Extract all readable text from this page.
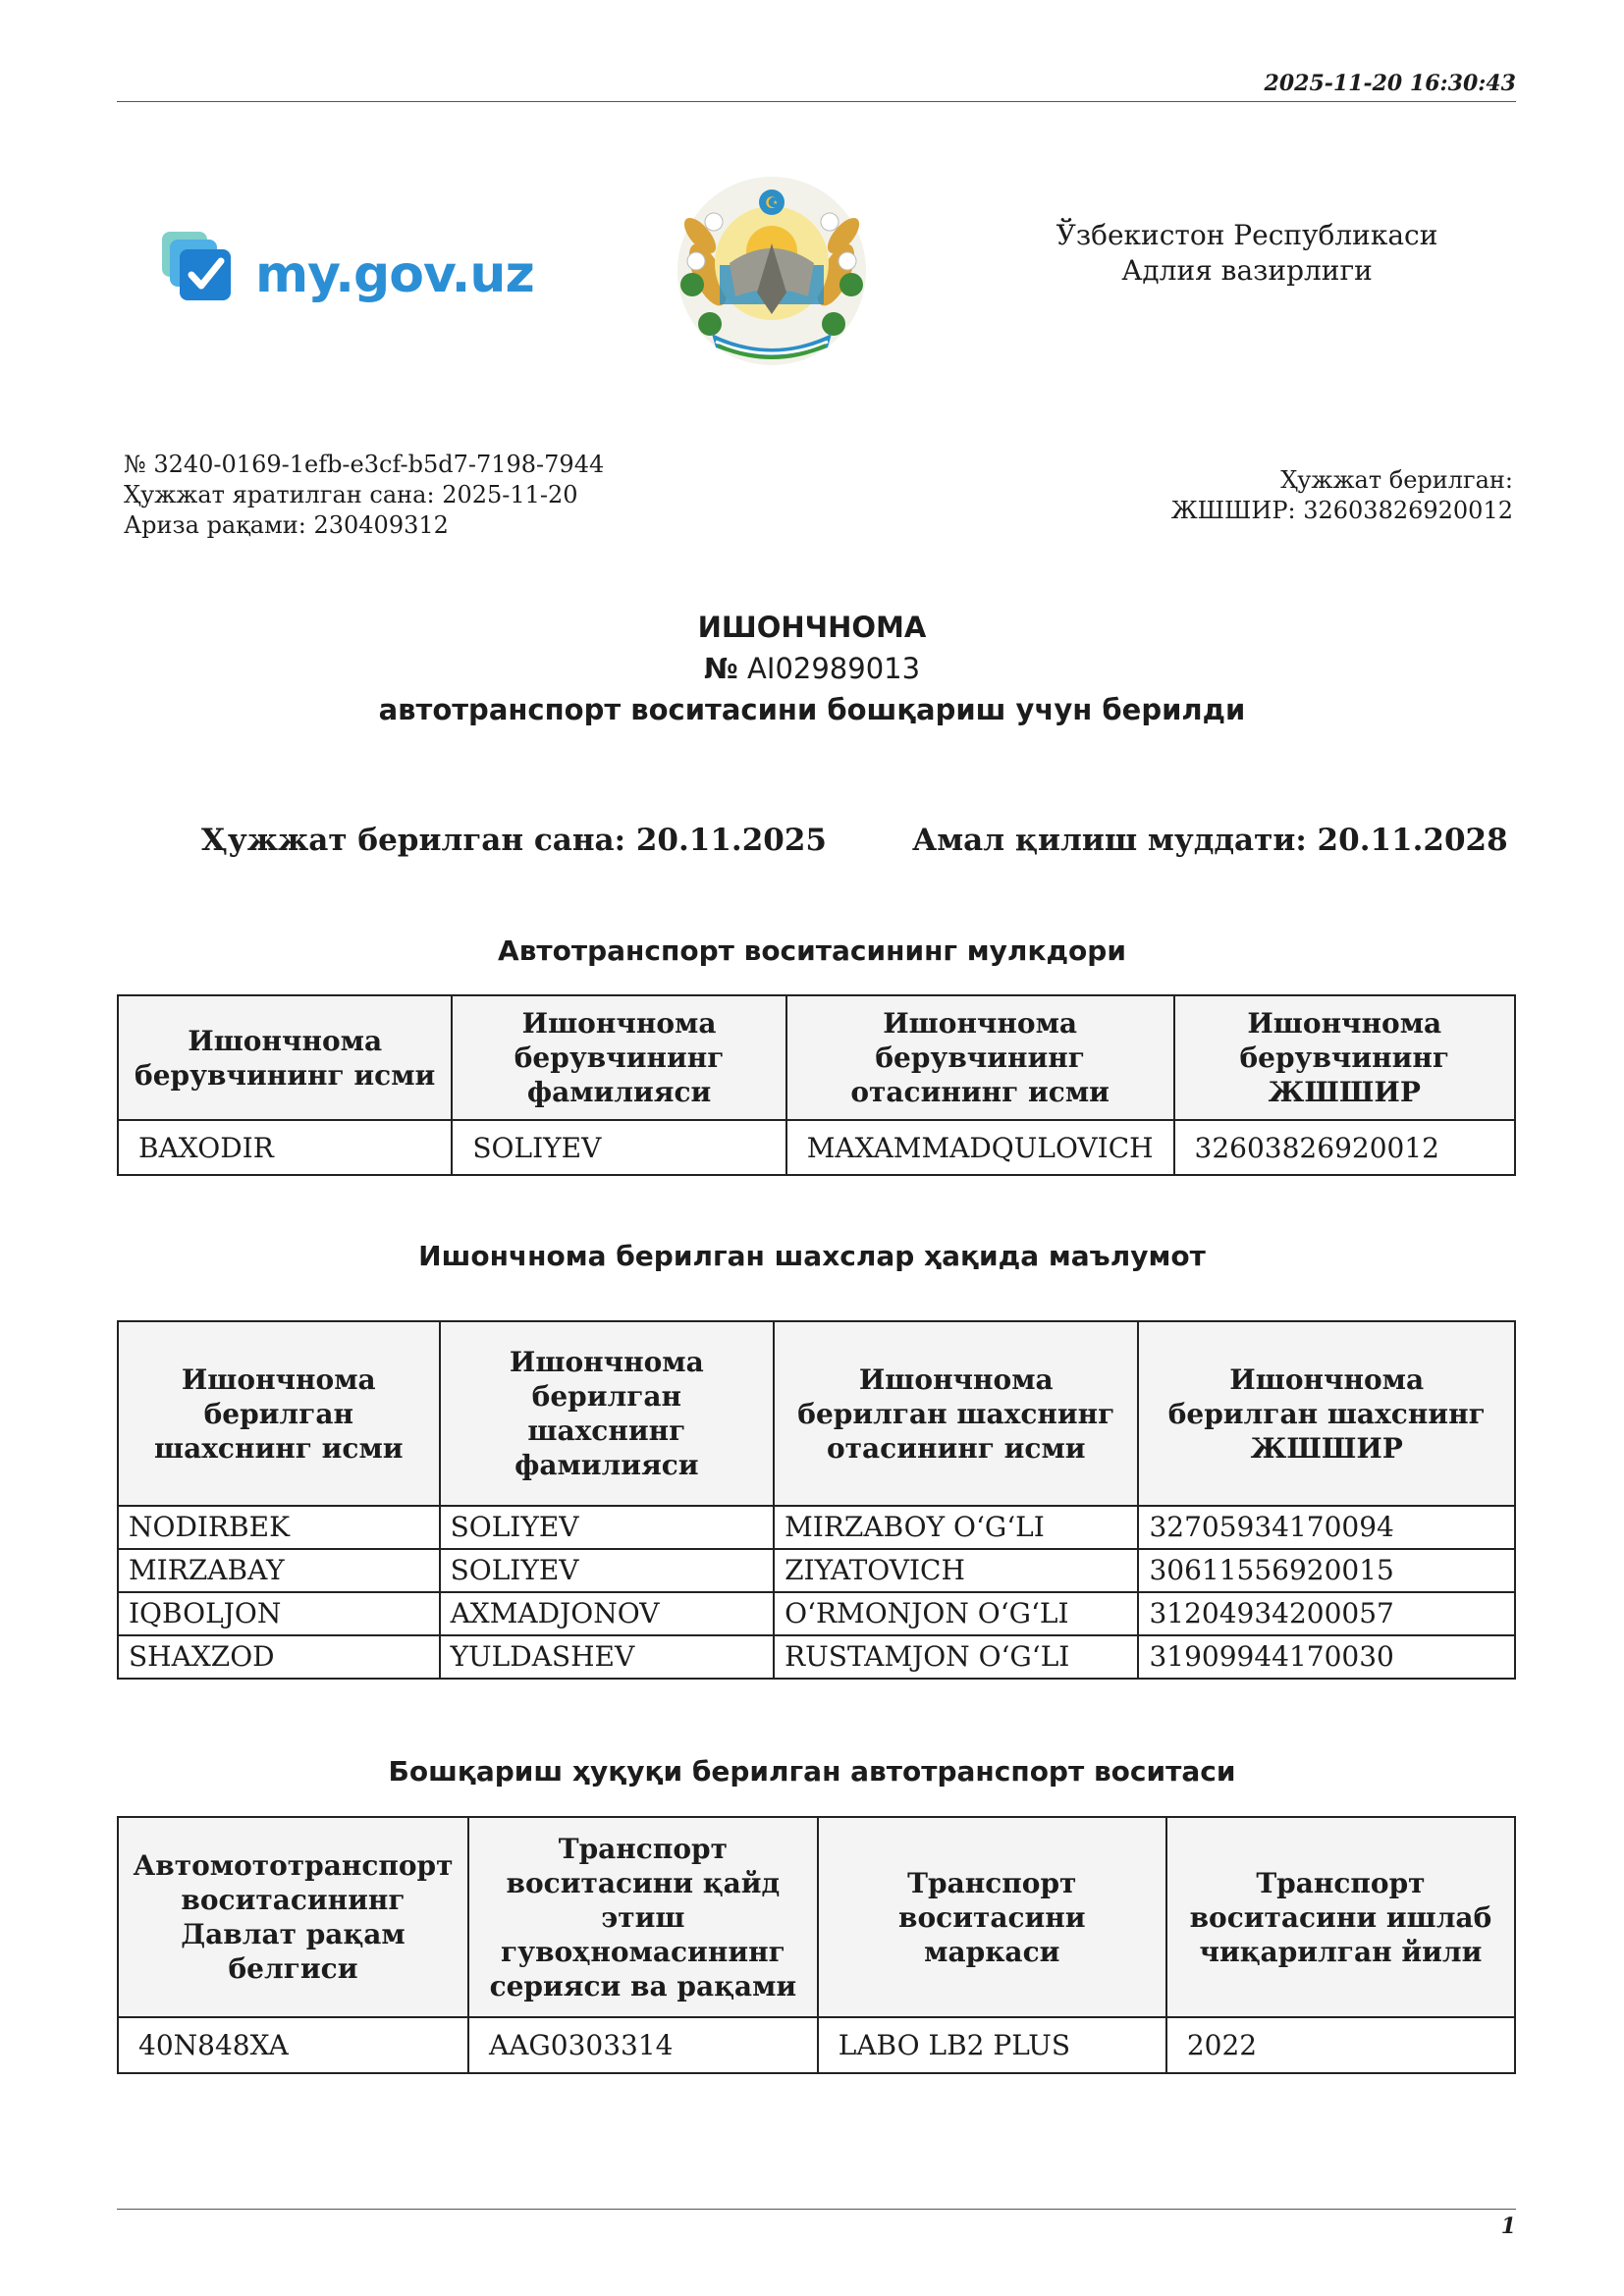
2025-11-20 16:30:43
my.gov.uz
☪
Ўзбекистон Республикаси
Адлия вазирлиги
№ 3240-0169-1efb-e3cf-b5d7-7198-7944
Ҳужжат яратилган сана: 2025-11-20
Ариза рақами: 230409312
Ҳужжат берилган:
ЖШШИР: 32603826920012
ИШОНЧНОМА
№ AI02989013
автотранспорт воситасини бошқариш учун берилди
Ҳужжат берилган сана: 20.11.2025	Амал қилиш муддати: 20.11.2028
Автотранспорт воситасининг мулкдори
Ишончнома берувчининг исми	Ишончнома берувчининг фамилияси	Ишончнома берувчининг отасининг исми	Ишончнома берувчининг ЖШШИР
BAXODIR	SOLIYEV	MAXAMMADQULOVICH	32603826920012
Ишончнома берилган шахслар ҳақида маълумот
Ишончнома берилган шахснинг исми	Ишончнома берилган шахснинг фамилияси	Ишончнома берилган шахснинг отасининг исми	Ишончнома берилган шахснинг ЖШШИР
NODIRBEK	SOLIYEV	MIRZABOY O‘G‘LI	32705934170094
MIRZABAY	SOLIYEV	ZIYATOVICH	30611556920015
IQBOLJON	AXMADJONOV	O‘RMONJON O‘G‘LI	31204934200057
SHAXZOD	YULDASHEV	RUSTAMJON O‘G‘LI	31909944170030
Бошқариш ҳуқуқи берилган автотранспорт воситаси
Автомототранспорт воситасининг Давлат рақам белгиси	Транспорт воситасини қайд этиш гувоҳномасининг серияси ва рақами	Транспорт воситасини маркаси	Транспорт воситасини ишлаб чиқарилган йили
40N848XA	AAG0303314	LABO LB2 PLUS	2022
1
